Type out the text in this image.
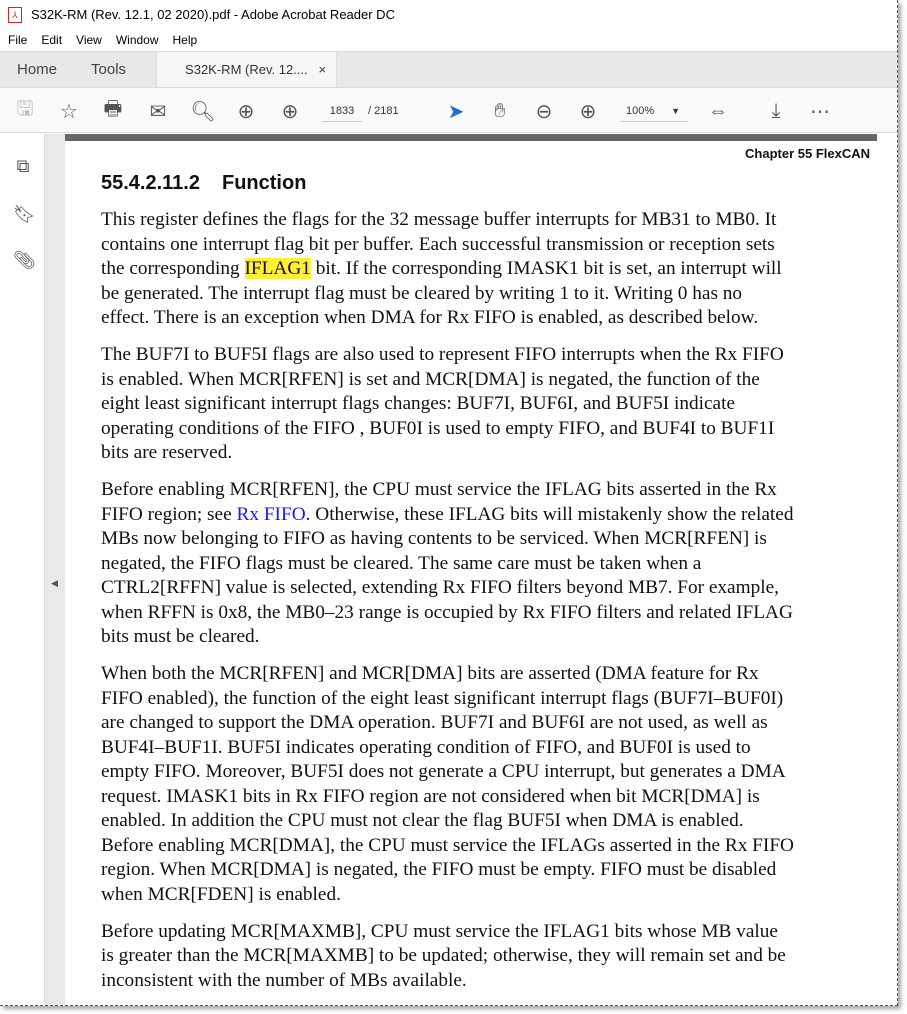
⅄	S32K-RM (Rev. 12.1, 02 2020).pdf - Adobe Acrobat Reader DC
File Edit View Window Help
Home	Tools	S32K-RM (Rev. 12.... ×
🖫 ☆ 🖶 ✉ 🔍︎ ⊕ ⊕	1833	/ 2181 ➤	✋︎	⊖ ⊕	100% ▼ ⇔	⤓	⋯
⧉
🔖︎
📎︎
◀
Chapter 55 FlexCAN
55.4.2.11.2 Function
This register defines the flags for the 32 message buffer interrupts for MB31 to MB0. It
contains one interrupt flag bit per buffer. Each successful transmission or reception sets
the corresponding IFLAG1 bit. If the corresponding IMASK1 bit is set, an interrupt will
be generated. The interrupt flag must be cleared by writing 1 to it. Writing 0 has no
effect. There is an exception when DMA for Rx FIFO is enabled, as described below.
The BUF7I to BUF5I flags are also used to represent FIFO interrupts when the Rx FIFO
is enabled. When MCR[RFEN] is set and MCR[DMA] is negated, the function of the
eight least significant interrupt flags changes: BUF7I, BUF6I, and BUF5I indicate
operating conditions of the FIFO , BUF0I is used to empty FIFO, and BUF4I to BUF1I
bits are reserved.
Before enabling MCR[RFEN], the CPU must service the IFLAG bits asserted in the Rx
FIFO region; see Rx FIFO. Otherwise, these IFLAG bits will mistakenly show the related
MBs now belonging to FIFO as having contents to be serviced. When MCR[RFEN] is
negated, the FIFO flags must be cleared. The same care must be taken when a
CTRL2[RFFN] value is selected, extending Rx FIFO filters beyond MB7. For example,
when RFFN is 0x8, the MB0–23 range is occupied by Rx FIFO filters and related IFLAG
bits must be cleared.
When both the MCR[RFEN] and MCR[DMA] bits are asserted (DMA feature for Rx
FIFO enabled), the function of the eight least significant interrupt flags (BUF7I–BUF0I)
are changed to support the DMA operation. BUF7I and BUF6I are not used, as well as
BUF4I–BUF1I. BUF5I indicates operating condition of FIFO, and BUF0I is used to
empty FIFO. Moreover, BUF5I does not generate a CPU interrupt, but generates a DMA
request. IMASK1 bits in Rx FIFO region are not considered when bit MCR[DMA] is
enabled. In addition the CPU must not clear the flag BUF5I when DMA is enabled.
Before enabling MCR[DMA], the CPU must service the IFLAGs asserted in the Rx FIFO
region. When MCR[DMA] is negated, the FIFO must be empty. FIFO must be disabled
when MCR[FDEN] is enabled.
Before updating MCR[MAXMB], CPU must service the IFLAG1 bits whose MB value
is greater than the MCR[MAXMB] to be updated; otherwise, they will remain set and be
inconsistent with the number of MBs available.
